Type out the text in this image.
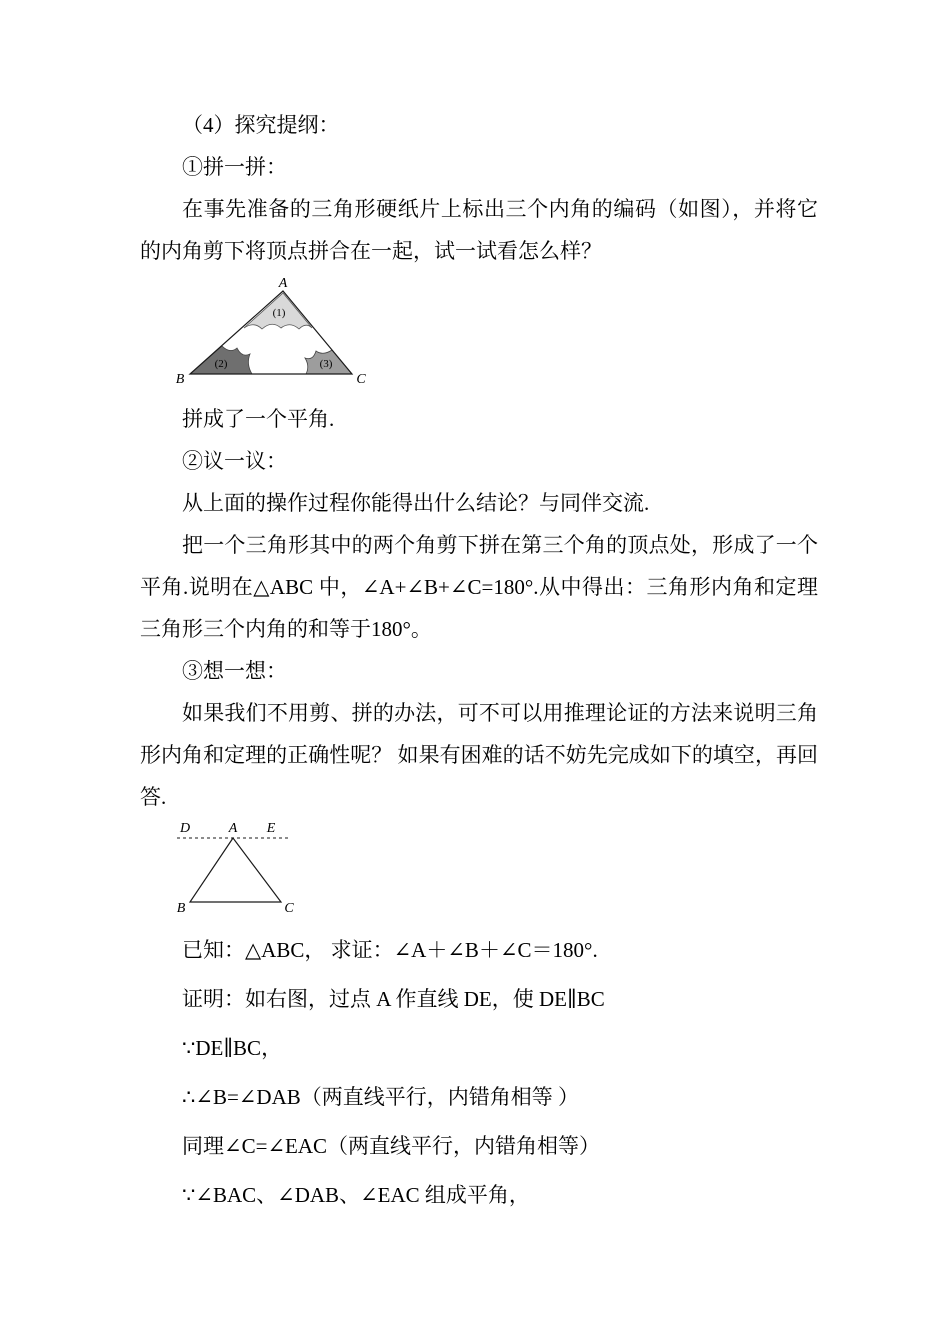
（4）探究提纲：

①拼一拼：

在事先准备的三角形硬纸片上标出三个内角的编码（如图），并将它的内角剪下将顶点拼合在一起，试一试看怎么样？

A
B	C
(1)
(2)	(3)

拼成了一个平角.

②议一议：

从上面的操作过程你能得出什么结论？与同伴交流.

把一个三角形其中的两个角剪下拼在第三个角的顶点处，形成了一个平角.说明在△ABC 中，∠A+∠B+∠C=180°.从中得出：三角形内角和定理三角形三个内角的和等于180°。

③想一想：

如果我们不用剪、拼的办法，可不可以用推理论证的方法来说明三角形内角和定理的正确性呢？ 如果有困难的话不妨先完成如下的填空，再回答.

D	A E
B	C

已知：△ABC， 求证：∠A＋∠B＋∠C＝180°.

证明：如右图，过点 A 作直线 DE，使 DE∥BC

∵DE∥BC，

∴∠B=∠DAB（两直线平行，内错角相等 ）

同理∠C=∠EAC（两直线平行，内错角相等）

∵∠BAC、∠DAB、∠EAC 组成平角，
